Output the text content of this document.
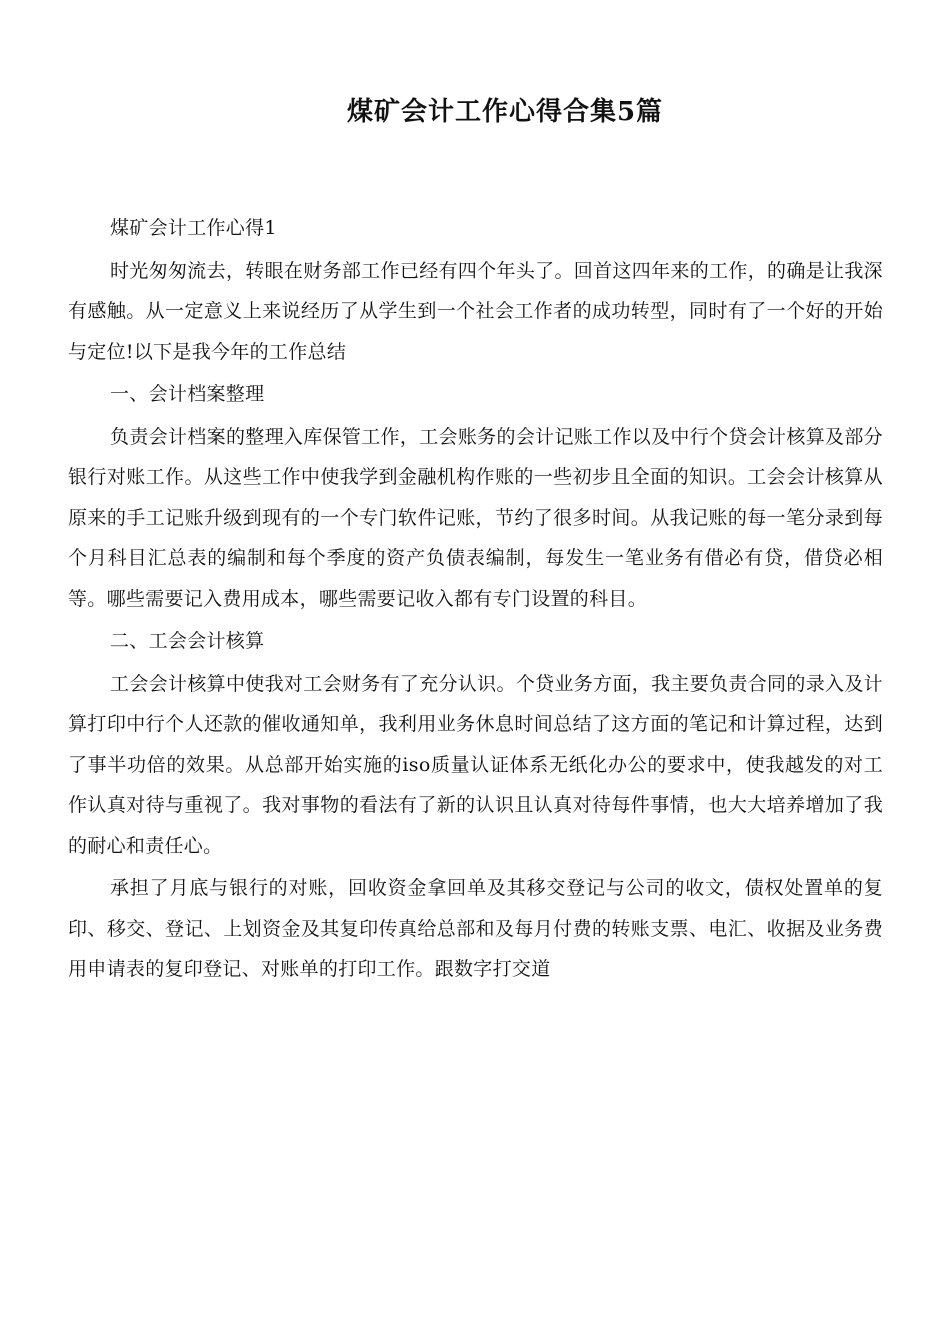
煤矿会计工作心得合集5篇

煤矿会计工作心得1

时光匆匆流去，转眼在财务部工作已经有四个年头了。回首这四年来的工作，的确是让我深有感触。从一定意义上来说经历了从学生到一个社会工作者的成功转型，同时有了一个好的开始与定位!以下是我今年的工作总结

一、会计档案整理

负责会计档案的整理入库保管工作，工会账务的会计记账工作以及中行个贷会计核算及部分银行对账工作。从这些工作中使我学到金融机构作账的一些初步且全面的知识。工会会计核算从原来的手工记账升级到现有的一个专门软件记账，节约了很多时间。从我记账的每一笔分录到每个月科目汇总表的编制和每个季度的资产负债表编制，每发生一笔业务有借必有贷，借贷必相等。哪些需要记入费用成本，哪些需要记收入都有专门设置的科目。

二、工会会计核算

工会会计核算中使我对工会财务有了充分认识。个贷业务方面，我主要负责合同的录入及计算打印中行个人还款的催收通知单，我利用业务休息时间总结了这方面的笔记和计算过程，达到了事半功倍的效果。从总部开始实施的iso质量认证体系无纸化办公的要求中，使我越发的对工作认真对待与重视了。我对事物的看法有了新的认识且认真对待每件事情，也大大培养增加了我的耐心和责任心。

承担了月底与银行的对账，回收资金拿回单及其移交登记与公司的收文，债权处置单的复印、移交、登记、上划资金及其复印传真给总部和及每月付费的转账支票、电汇、收据及业务费用申请表的复印登记、对账单的打印工作。跟数字打交道
